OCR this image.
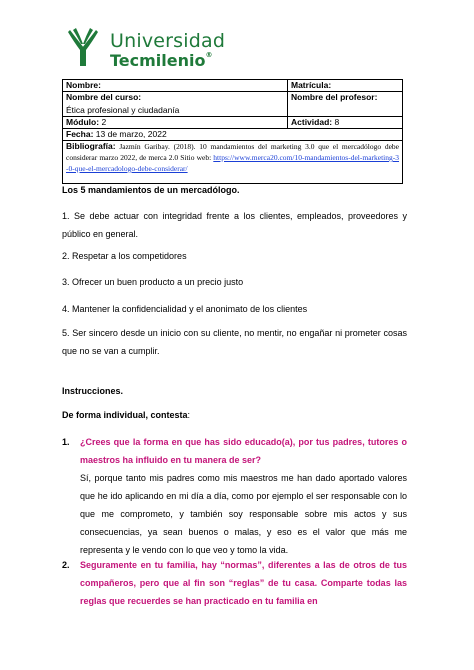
Universidad
Tecmilenio®
Nombre:	Matrícula:
Nombre del curso:
Ética profesional y ciudadanía	Nombre del profesor:
Módulo: 2	Actividad: 8
Fecha: 13 de marzo, 2022	
Bibliografía: Jazmín Garibay. (2018). 10 mandamientos del marketing 3.0 que el mercadólogo debe considerar marzo 2022, de merca 2.0 Sitio web: https://www.merca20.com/10-mandamientos-del-marketing-3-0-que-el-mercadologo-debe-considerar/	
Los 5 mandamientos de un mercadólogo.
1. Se debe actuar con integridad frente a los clientes, empleados, proveedores y público en general.
2. Respetar a los competidores
3. Ofrecer un buen producto a un precio justo
4. Mantener la confidencialidad y el anonimato de los clientes
5. Ser sincero desde un inicio con su cliente, no mentir, no engañar ni prometer cosas que no se van a cumplir.
Instrucciones.
De forma individual, contesta:
1. ¿Crees que la forma en que has sido educado(a), por tus padres, tutores o maestros ha influido en tu manera de ser?
Sí, porque tanto mis padres como mis maestros me han dado aportado valores que he ido aplicando en mi día a día, como por ejemplo el ser responsable con lo que me comprometo, y también soy responsable sobre mis actos y sus consecuencias, ya sean buenos o malas, y eso es el valor que más me representa y le vendo con lo que veo y tomo la vida.
2. Seguramente en tu familia, hay “normas”, diferentes a las de otros de tus compañeros, pero que al fin son “reglas” de tu casa. Comparte todas las reglas que recuerdes se han practicado en tu familia en
